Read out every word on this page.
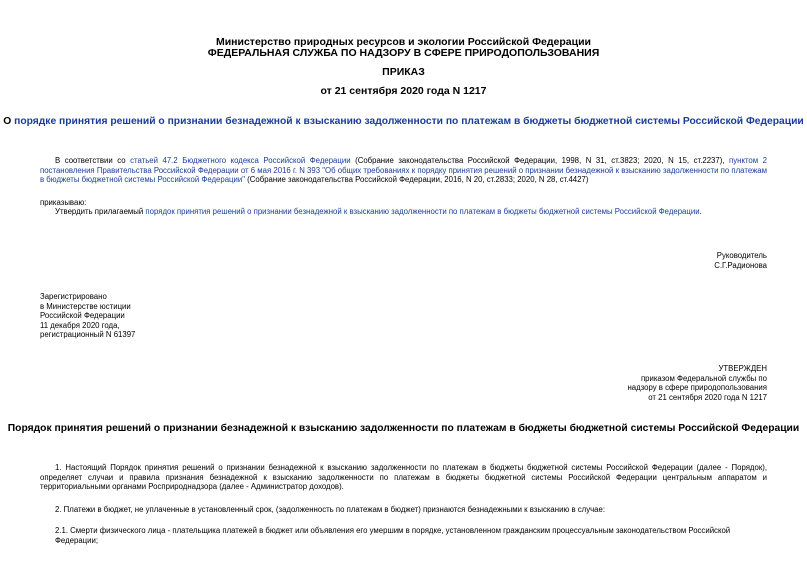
Министерство природных ресурсов и экологии Российской Федерации
ФЕДЕРАЛЬНАЯ СЛУЖБА ПО НАДЗОРУ В СФЕРЕ ПРИРОДОПОЛЬЗОВАНИЯ
ПРИКАЗ
от 21 сентября 2020 года N 1217
О порядке принятия решений о признании безнадежной к взысканию задолженности по платежам в бюджеты бюджетной системы Российской Федерации
В соответствии со статьей 47.2 Бюджетного кодекса Российской Федерации (Собрание законодательства Российской Федерации, 1998, N 31, ст.3823; 2020, N 15, ст.2237), пунктом 2 постановления Правительства Российской Федерации от 6 мая 2016 г. N 393 "Об общих требованиях к порядку принятия решений о признании безнадежной к взысканию задолженности по платежам в бюджеты бюджетной системы Российской Федерации" (Собрание законодательства Российской Федерации, 2016, N 20, ст.2833; 2020, N 28, ст.4427)
приказываю:
Утвердить прилагаемый порядок принятия решений о признании безнадежной к взысканию задолженности по платежам в бюджеты бюджетной системы Российской Федерации.
Руководитель
С.Г.Радионова
Зарегистрировано
в Министерстве юстиции
Российской Федерации
11 декабря 2020 года,
регистрационный N 61397
УТВЕРЖДЕН
приказом Федеральной службы по
надзору в сфере природопользования
от 21 сентября 2020 года N 1217
Порядок принятия решений о признании безнадежной к взысканию задолженности по платежам в бюджеты бюджетной системы Российской Федерации
1. Настоящий Порядок принятия решений о признании безнадежной к взысканию задолженности по платежам в бюджеты бюджетной системы Российской Федерации (далее - Порядок), определяет случаи и правила признания безнадежной к взысканию задолженности по платежам в бюджеты бюджетной системы Российской Федерации центральным аппаратом и территориальными органами Росприроднадзора (далее - Администратор доходов).
2. Платежи в бюджет, не уплаченные в установленный срок, (задолженность по платежам в бюджет) признаются безнадежными к взысканию в случае:
2.1. Смерти физического лица - плательщика платежей в бюджет или объявления его умершим в порядке, установленном гражданским процессуальным законодательством Российской Федерации;
